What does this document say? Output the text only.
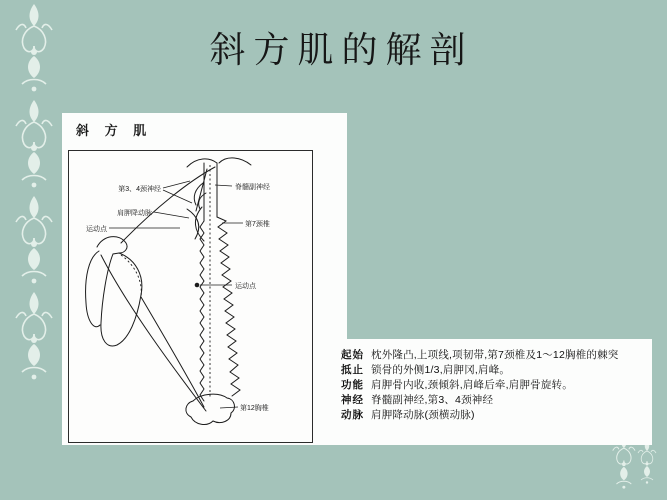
斜方肌的解剖
斜 方 肌
脊髓副神经
第3、4颈神经
肩胛降动脉
运动点
第7颈椎
运动点
第12胸椎
起始 枕外隆凸,上项线,项韧带,第7颈椎及1～12胸椎的棘突
抵止 锁骨的外侧1/3,肩胛冈,肩峰。
功能 肩胛骨内收,颈倾斜,肩峰后牵,肩胛骨旋转。
神经 脊髓副神经,第3、4颈神经
动脉 肩胛降动脉(颈横动脉)
